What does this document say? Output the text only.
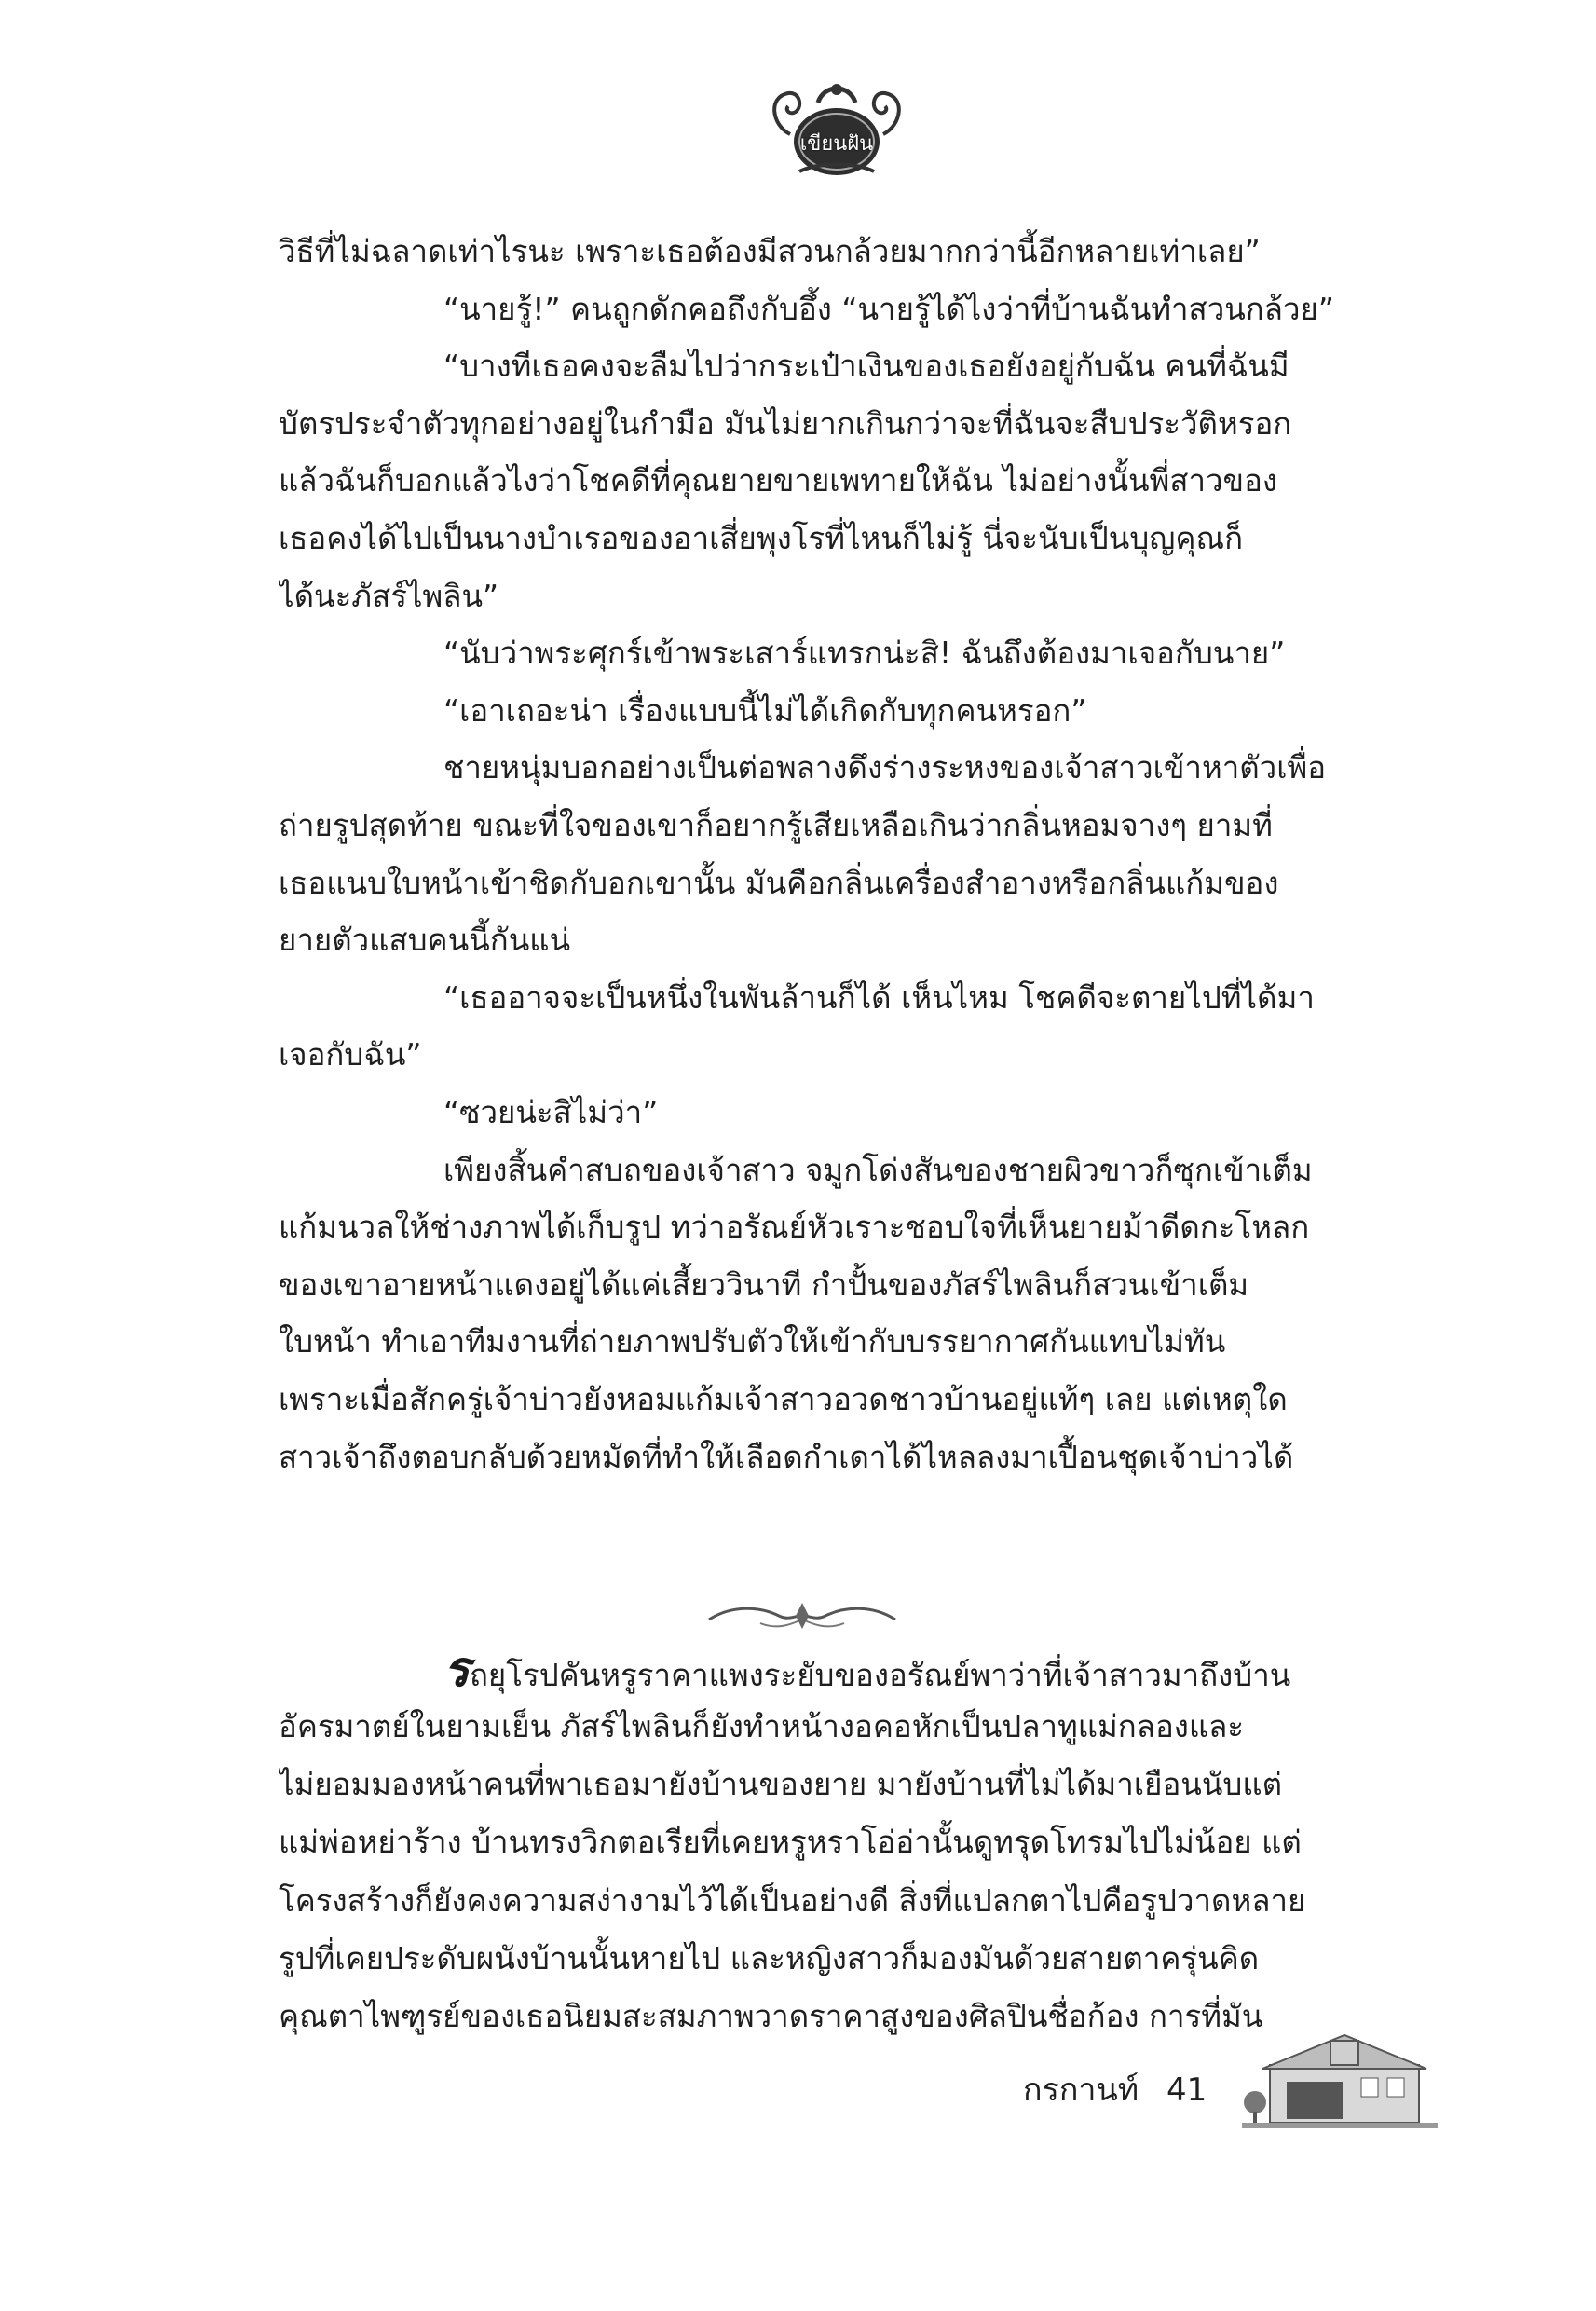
เขียนฝัน
วิธีที่ไม่ฉลาดเท่าไรนะ เพราะเธอต้องมีสวนกล้วยมากกว่านี้อีกหลายเท่าเลย”
“นายรู้!” คนถูกดักคอถึงกับอึ้ง “นายรู้ได้ไงว่าที่บ้านฉันทำสวนกล้วย”
“บางทีเธอคงจะลืมไปว่ากระเป๋าเงินของเธอยังอยู่กับฉัน คนที่ฉันมี
บัตรประจำตัวทุกอย่างอยู่ในกำมือ มันไม่ยากเกินกว่าจะที่ฉันจะสืบประวัติหรอก
แล้วฉันก็บอกแล้วไงว่าโชคดีที่คุณยายขายเพทายให้ฉัน ไม่อย่างนั้นพี่สาวของ
เธอคงได้ไปเป็นนางบำเรอของอาเสี่ยพุงโรที่ไหนก็ไม่รู้ นี่จะนับเป็นบุญคุณก็
ได้นะภัสร์ไพลิน”
“นับว่าพระศุกร์เข้าพระเสาร์แทรกน่ะสิ! ฉันถึงต้องมาเจอกับนาย”
“เอาเถอะน่า เรื่องแบบนี้ไม่ได้เกิดกับทุกคนหรอก”
ชายหนุ่มบอกอย่างเป็นต่อพลางดึงร่างระหงของเจ้าสาวเข้าหาตัวเพื่อ
ถ่ายรูปสุดท้าย ขณะที่ใจของเขาก็อยากรู้เสียเหลือเกินว่ากลิ่นหอมจางๆ ยามที่
เธอแนบใบหน้าเข้าชิดกับอกเขานั้น มันคือกลิ่นเครื่องสำอางหรือกลิ่นแก้มของ
ยายตัวแสบคนนี้กันแน่
“เธออาจจะเป็นหนึ่งในพันล้านก็ได้ เห็นไหม โชคดีจะตายไปที่ได้มา
เจอกับฉัน”
“ซวยน่ะสิไม่ว่า”
เพียงสิ้นคำสบถของเจ้าสาว จมูกโด่งสันของชายผิวขาวก็ซุกเข้าเต็ม
แก้มนวลให้ช่างภาพได้เก็บรูป ทว่าอรัณย์หัวเราะชอบใจที่เห็นยายม้าดีดกะโหลก
ของเขาอายหน้าแดงอยู่ได้แค่เสี้ยววินาที กำปั้นของภัสร์ไพลินก็สวนเข้าเต็ม
ใบหน้า ทำเอาทีมงานที่ถ่ายภาพปรับตัวให้เข้ากับบรรยากาศกันแทบไม่ทัน
เพราะเมื่อสักครู่เจ้าบ่าวยังหอมแก้มเจ้าสาวอวดชาวบ้านอยู่แท้ๆ เลย แต่เหตุใด
สาวเจ้าถึงตอบกลับด้วยหมัดที่ทำให้เลือดกำเดาได้ไหลลงมาเปื้อนชุดเจ้าบ่าวได้
รถยุโรปคันหรูราคาแพงระยับของอรัณย์พาว่าที่เจ้าสาวมาถึงบ้าน
อัครมาตย์ในยามเย็น ภัสร์ไพลินก็ยังทำหน้างอคอหักเป็นปลาทูแม่กลองและ
ไม่ยอมมองหน้าคนที่พาเธอมายังบ้านของยาย มายังบ้านที่ไม่ได้มาเยือนนับแต่
แม่พ่อหย่าร้าง บ้านทรงวิกตอเรียที่เคยหรูหราโอ่อ่านั้นดูทรุดโทรมไปไม่น้อย แต่
โครงสร้างก็ยังคงความสง่างามไว้ได้เป็นอย่างดี สิ่งที่แปลกตาไปคือรูปวาดหลาย
รูปที่เคยประดับผนังบ้านนั้นหายไป และหญิงสาวก็มองมันด้วยสายตาครุ่นคิด
คุณตาไพฑูรย์ของเธอนิยมสะสมภาพวาดราคาสูงของศิลปินชื่อก้อง การที่มัน
กรกานท์ 41
